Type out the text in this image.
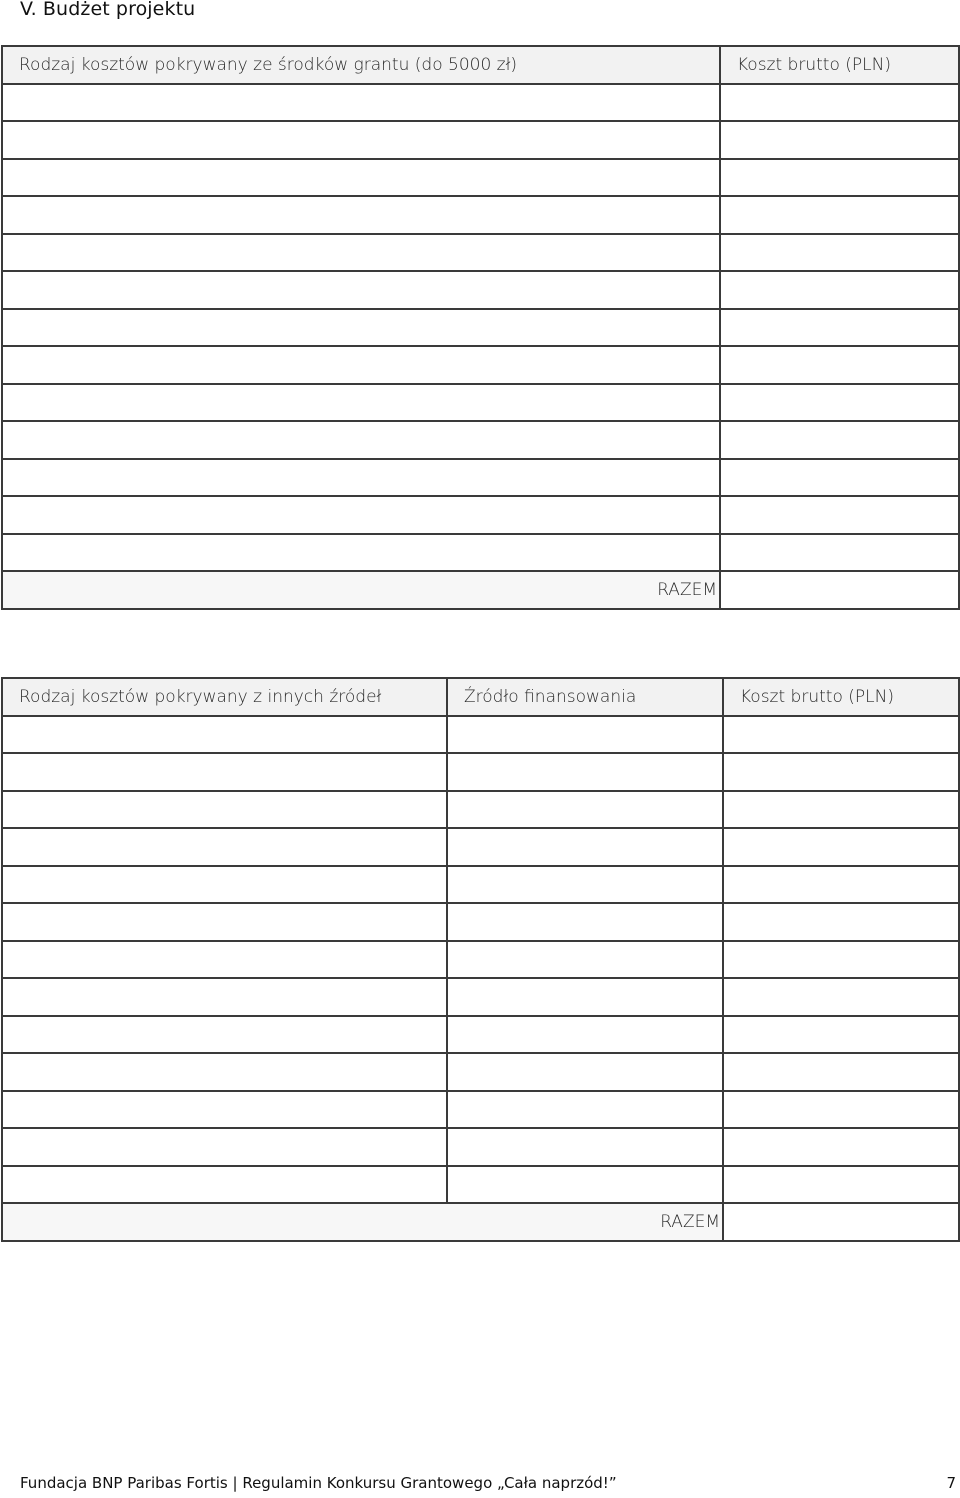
V. Budżet projektu
Rodzaj kosztów pokrywany ze środków grantu (do 5000 zł)	Koszt brutto (PLN)

RAZEM	
Rodzaj kosztów pokrywany z innych źródeł	Źródło finansowania	Koszt brutto (PLN)

RAZEM		
Fundacja BNP Paribas Fortis | Regulamin Konkursu Grantowego „Cała naprzód!”	7
